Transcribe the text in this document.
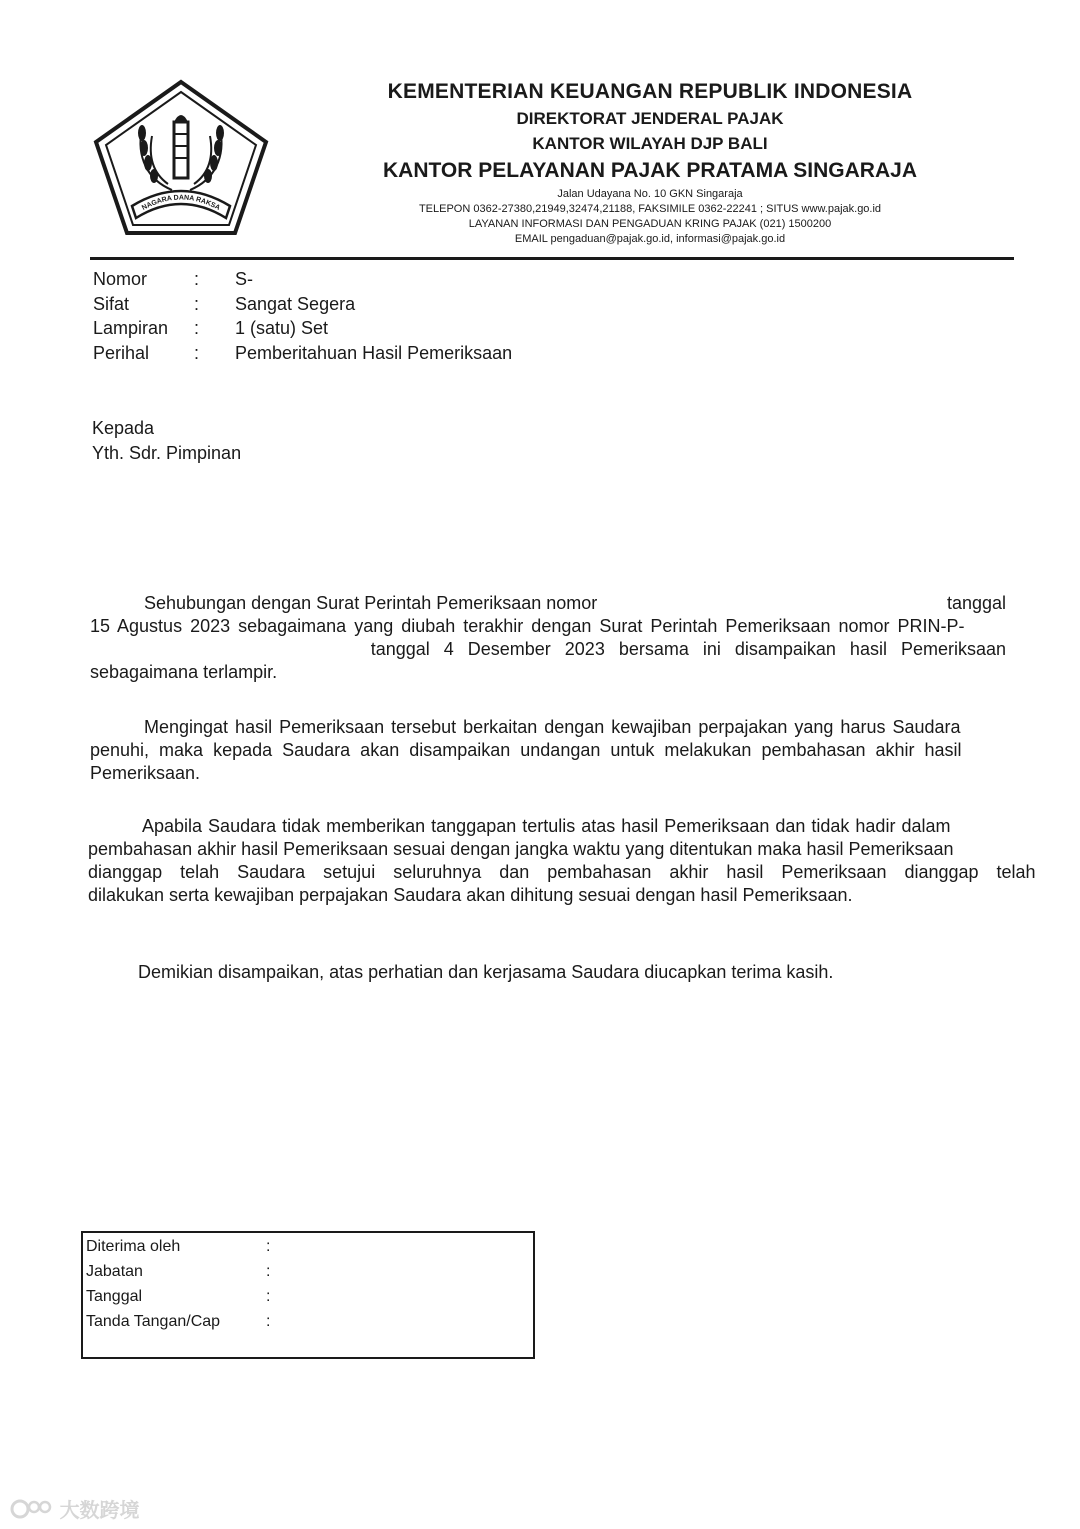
NAGARA DANA RAKSA
KEMENTERIAN KEUANGAN REPUBLIK INDONESIA
DIREKTORAT JENDERAL PAJAK
KANTOR WILAYAH DJP BALI
KANTOR PELAYANAN PAJAK PRATAMA SINGARAJA
Jalan Udayana No. 10 GKN Singaraja
TELEPON 0362-27380,21949,32474,21188, FAKSIMILE 0362-22241 ; SITUS www.pajak.go.id
LAYANAN INFORMASI DAN PENGADUAN KRING PAJAK (021) 1500200
EMAIL pengaduan@pajak.go.id, informasi@pajak.go.id
Nomor	: S-
Sifat	: Sangat Segera
Lampiran : 1 (satu) Set
Perihal : Pemberitahuan Hasil Pemeriksaan
Kepada
Yth. Sdr. Pimpinan
Sehubungan dengan Surat Perintah Pemeriksaan nomor	tanggal
15 Agustus 2023 sebagaimana yang diubah terakhir dengan Surat Perintah Pemeriksaan nomor PRIN-P-
tanggal 4 Desember 2023 bersama ini disampaikan hasil Pemeriksaan
sebagaimana terlampir.
Mengingat hasil Pemeriksaan tersebut berkaitan dengan kewajiban perpajakan yang harus Saudara
penuhi, maka kepada Saudara akan disampaikan undangan untuk melakukan pembahasan akhir hasil
Pemeriksaan.
Apabila Saudara tidak memberikan tanggapan tertulis atas hasil Pemeriksaan dan tidak hadir dalam
pembahasan akhir hasil Pemeriksaan sesuai dengan jangka waktu yang ditentukan maka hasil Pemeriksaan
dianggap telah Saudara setujui seluruhnya dan pembahasan akhir hasil Pemeriksaan dianggap telah
dilakukan serta kewajiban perpajakan Saudara akan dihitung sesuai dengan hasil Pemeriksaan.
Demikian disampaikan, atas perhatian dan kerjasama Saudara diucapkan terima kasih.
Diterima oleh	:
Jabatan	:
Tanggal	:
Tanda Tangan/Cap	:
大数跨境
